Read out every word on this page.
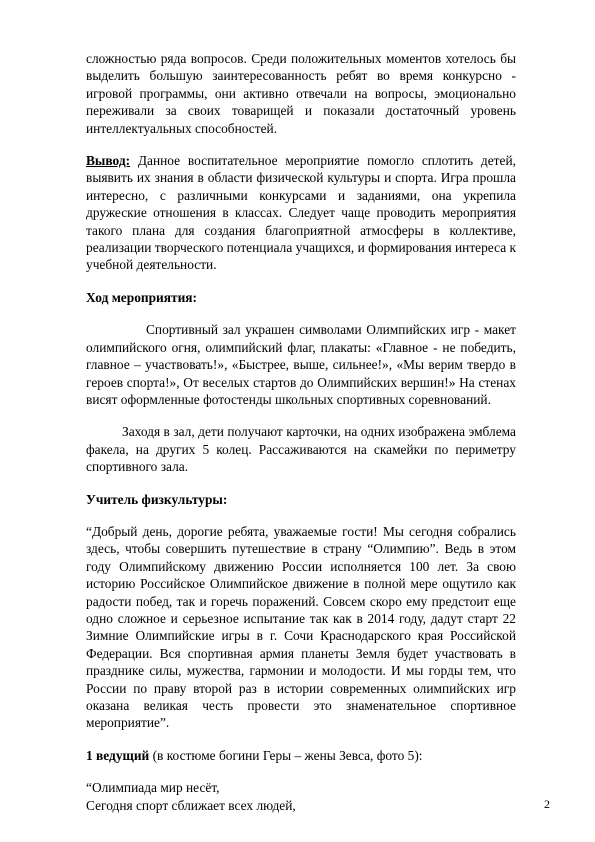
сложностью ряда вопросов. Среди положительных моментов хотелось бы выделить большую заинтересованность ребят во время конкурсно - игровой программы, они активно отвечали на вопросы, эмоционально переживали за своих товарищей и показали достаточный уровень интеллектуальных способностей.

Вывод: Данное воспитательное мероприятие помогло сплотить детей, выявить их знания в области физической культуры и спорта. Игра прошла интересно, с различными конкурсами и заданиями, она укрепила дружеские отношения в классах. Следует чаще проводить мероприятия такого плана для создания благоприятной атмосферы в коллективе, реализации творческого потенциала учащихся, и формирования интереса к учебной деятельности.

Ход мероприятия:

Спортивный зал украшен символами Олимпийских игр - макет олимпийского огня, олимпийский флаг, плакаты: «Главное - не победить, главное – участвовать!», «Быстрее, выше, сильнее!», «Мы верим твердо в героев спорта!», От веселых стартов до Олимпийских вершин!» На стенах висят оформленные фотостенды школьных спортивных соревнований.

Заходя в зал, дети получают карточки, на одних изображена эмблема факела, на других 5 колец. Рассаживаются на скамейки по периметру спортивного зала.

Учитель физкультуры:

“Добрый день, дорогие ребята, уважаемые гости! Мы сегодня собрались здесь, чтобы совершить путешествие в страну “Олимпию”. Ведь в этом году Олимпийскому движению России исполняется 100 лет. За свою историю Российское Олимпийское движение в полной мере ощутило как радости побед, так и горечь поражений. Совсем скоро ему предстоит еще одно сложное и серьезное испытание так как в 2014 году, дадут старт 22 Зимние Олимпийские игры в г. Сочи Краснодарского края Российской Федерации. Вся спортивная армия планеты Земля будет участвовать в празднике силы, мужества, гармонии и молодости. И мы горды тем, что России по праву второй раз в истории современных олимпийских игр оказана великая честь провести это знаменательное спортивное мероприятие”.

1 ведущий (в костюме богини Геры – жены Зевса, фото 5):

“Олимпиада мир несёт,

Сегодня спорт сближает всех людей,	2
